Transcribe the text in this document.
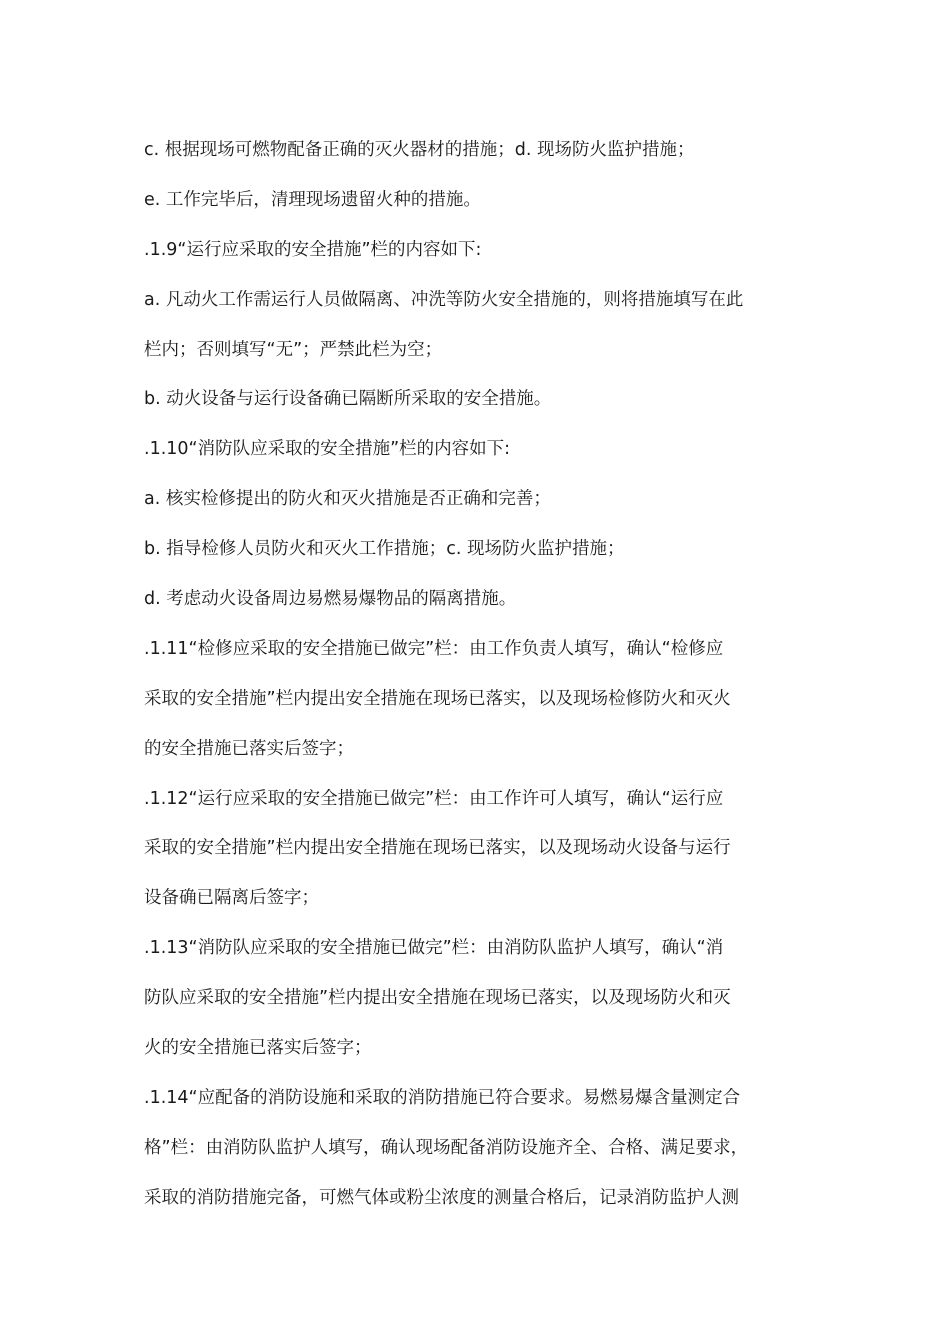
c. 根据现场可燃物配备正确的灭火器材的措施；d. 现场防火监护措施；
e. 工作完毕后，清理现场遗留火种的措施。
.1.9“运行应采取的安全措施”栏的内容如下:
a. 凡动火工作需运行人员做隔离、冲洗等防火安全措施的，则将措施填写在此
栏内；否则填写“无”；严禁此栏为空；
b. 动火设备与运行设备确已隔断所采取的安全措施。
.1.10“消防队应采取的安全措施”栏的内容如下:
a. 核实检修提出的防火和灭火措施是否正确和完善；
b. 指导检修人员防火和灭火工作措施；c. 现场防火监护措施；
d. 考虑动火设备周边易燃易爆物品的隔离措施。
.1.11“检修应采取的安全措施已做完”栏：由工作负责人填写，确认“检修应
采取的安全措施”栏内提出安全措施在现场已落实，以及现场检修防火和灭火
的安全措施已落实后签字；
.1.12“运行应采取的安全措施已做完”栏：由工作许可人填写，确认“运行应
采取的安全措施”栏内提出安全措施在现场已落实，以及现场动火设备与运行
设备确已隔离后签字；
.1.13“消防队应采取的安全措施已做完”栏：由消防队监护人填写，确认“消
防队应采取的安全措施”栏内提出安全措施在现场已落实，以及现场防火和灭
火的安全措施已落实后签字；
.1.14“应配备的消防设施和采取的消防措施已符合要求。易燃易爆含量测定合
格”栏：由消防队监护人填写，确认现场配备消防设施齐全、合格、满足要求，
采取的消防措施完备，可燃气体或粉尘浓度的测量合格后，记录消防监护人测
